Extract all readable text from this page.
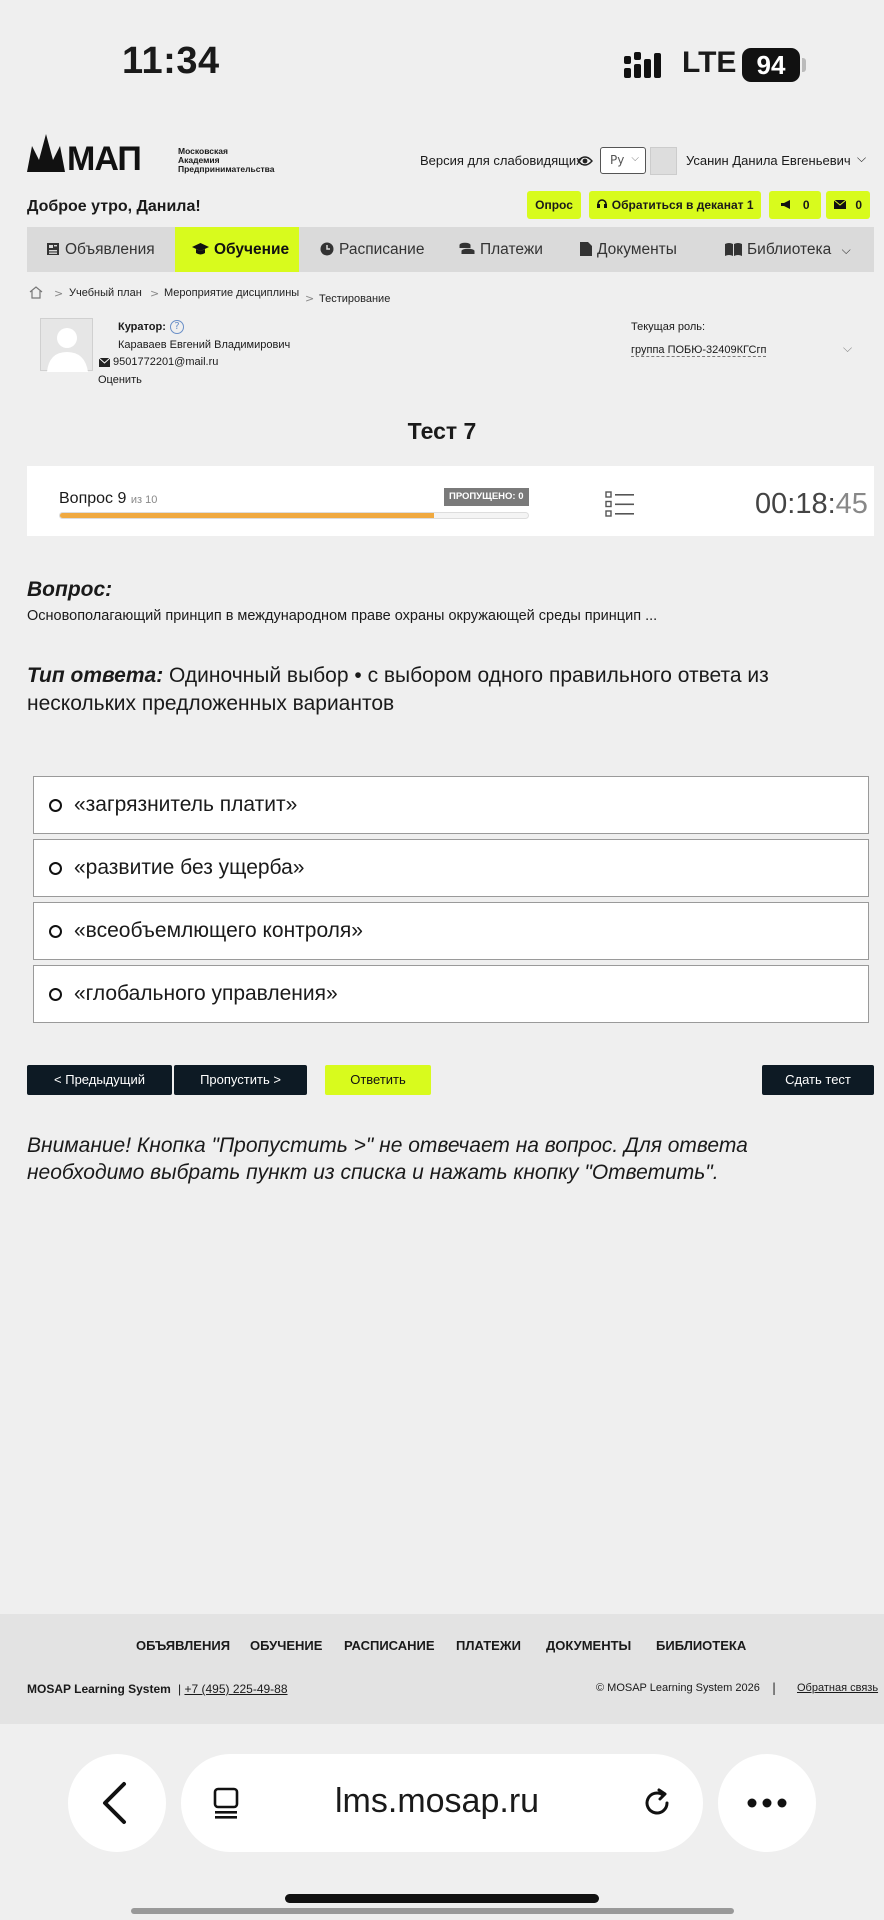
11:34	LTE 94
МАП	Московская
Академия
Предпринимательства
Версия для слабовидящих	Ру ⌵	Усанин Данила Евгеньевич ⌵
Доброе утро, Данила!	Опрос	Обратиться в деканат 1	0	0
Объявления	Обучение	Расписание	Платежи	Документы	Библиотека ⌵
> Учебный план > Мероприятие дисциплины > Тестирование
Куратор: ?
Караваев Евгений Владимирович
9501772201@mail.ru
Оценить
Текущая роль:
группа ПОБЮ-32409КГСгп	⌵
Тест 7
Вопрос 9 из 10	ПРОПУЩЕНО: 0	00:18:45
Вопрос:
Основополагающий принцип в международном праве охраны окружающей среды принцип ...
Тип ответа: Одиночный выбор • с выбором одного правильного ответа из нескольких предложенных вариантов
«загрязнитель платит»
«развитие без ущерба»
«всеобъемлющего контроля»
«глобального управления»
< Предыдущий	Пропустить >	Ответить	Сдать тест
Внимание! Кнопка "Пропустить >" не отвечает на вопрос. Для ответа необходимо выбрать пункт из списка и нажать кнопку "Ответить".
ОБЪЯВЛЕНИЯ ОБУЧЕНИЕ РАСПИСАНИЕ ПЛАТЕЖИ ДОКУМЕНТЫ БИБЛИОТЕКА
MOSAP Learning System | +7 (495) 225-49-88	© MOSAP Learning System 2026 | Обратная связь
lms.mosap.ru
